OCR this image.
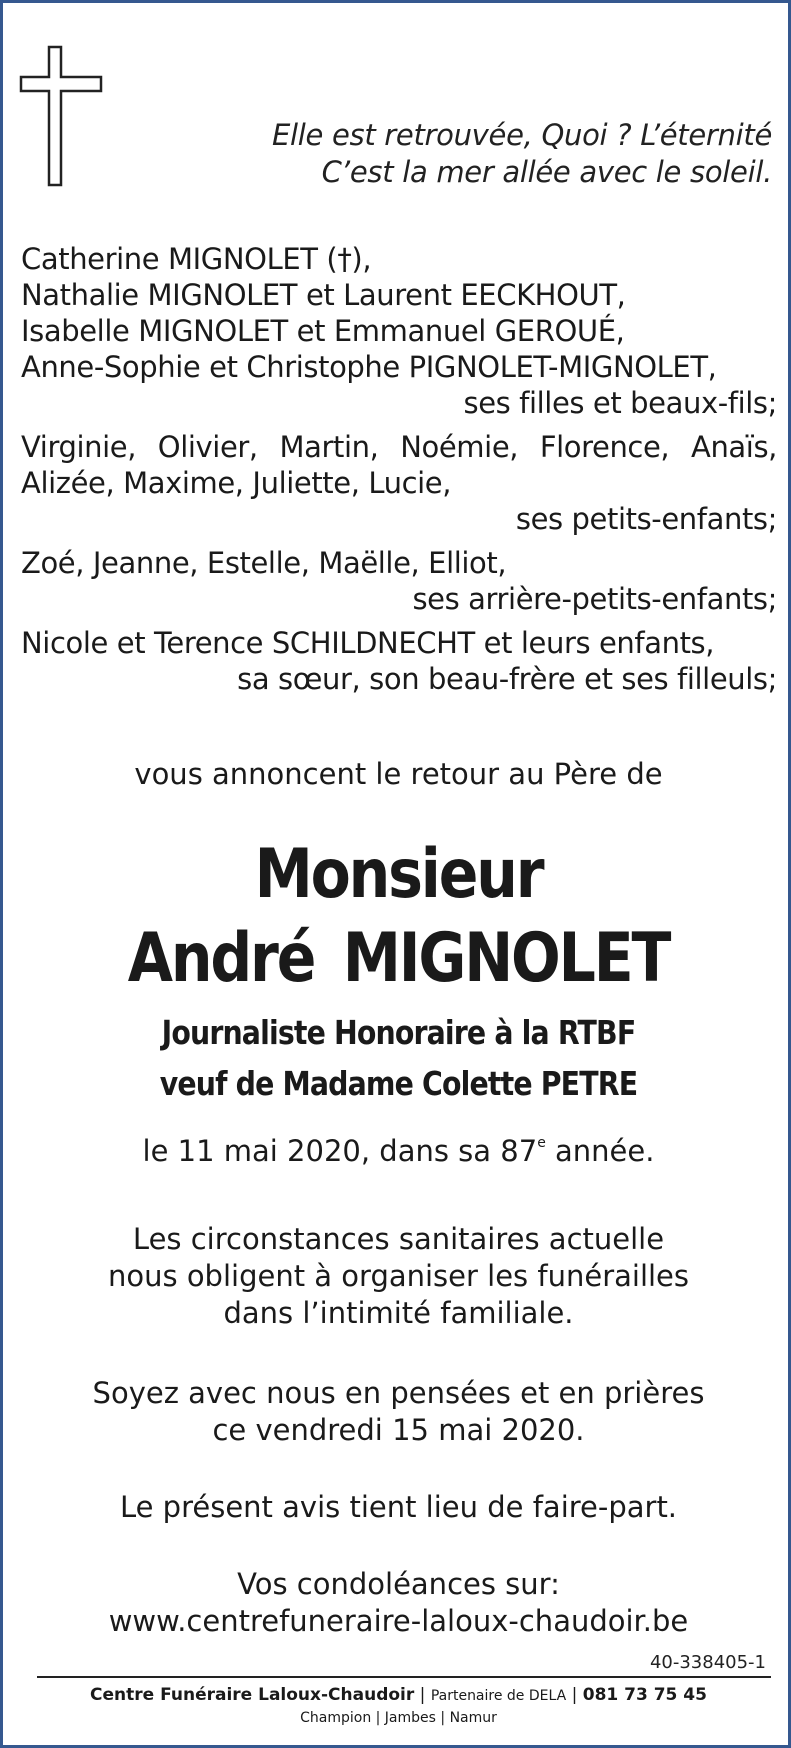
Elle est retrouvée, Quoi ? L’éternité
C’est la mer allée avec le soleil.
Catherine MIGNOLET (†),
Nathalie MIGNOLET et Laurent EECKHOUT,
Isabelle MIGNOLET et Emmanuel GEROUÉ,
Anne-Sophie et Christophe PIGNOLET-MIGNOLET,
ses filles et beaux-fils;
Virginie, Olivier, Martin, Noémie, Florence, Anaïs,
Alizée, Maxime, Juliette, Lucie,
ses petits-enfants;
Zoé, Jeanne, Estelle, Maëlle, Elliot,
ses arrière-petits-enfants;
Nicole et Terence SCHILDNECHT et leurs enfants,
sa sœur, son beau-frère et ses filleuls;
vous annoncent le retour au Père de
Monsieur
André MIGNOLET
Journaliste Honoraire à la RTBF
veuf de Madame Colette PETRE
le 11 mai 2020, dans sa 87e année.
Les circonstances sanitaires actuelle
nous obligent à organiser les funérailles
dans l’intimité familiale.
Soyez avec nous en pensées et en prières
ce vendredi 15 mai 2020.
Le présent avis tient lieu de faire-part.
Vos condoléances sur:
www.centrefuneraire-laloux-chaudoir.be
40-338405-1
Centre Funéraire Laloux-Chaudoir | Partenaire de DELA | 081 73 75 45
Champion | Jambes | Namur
